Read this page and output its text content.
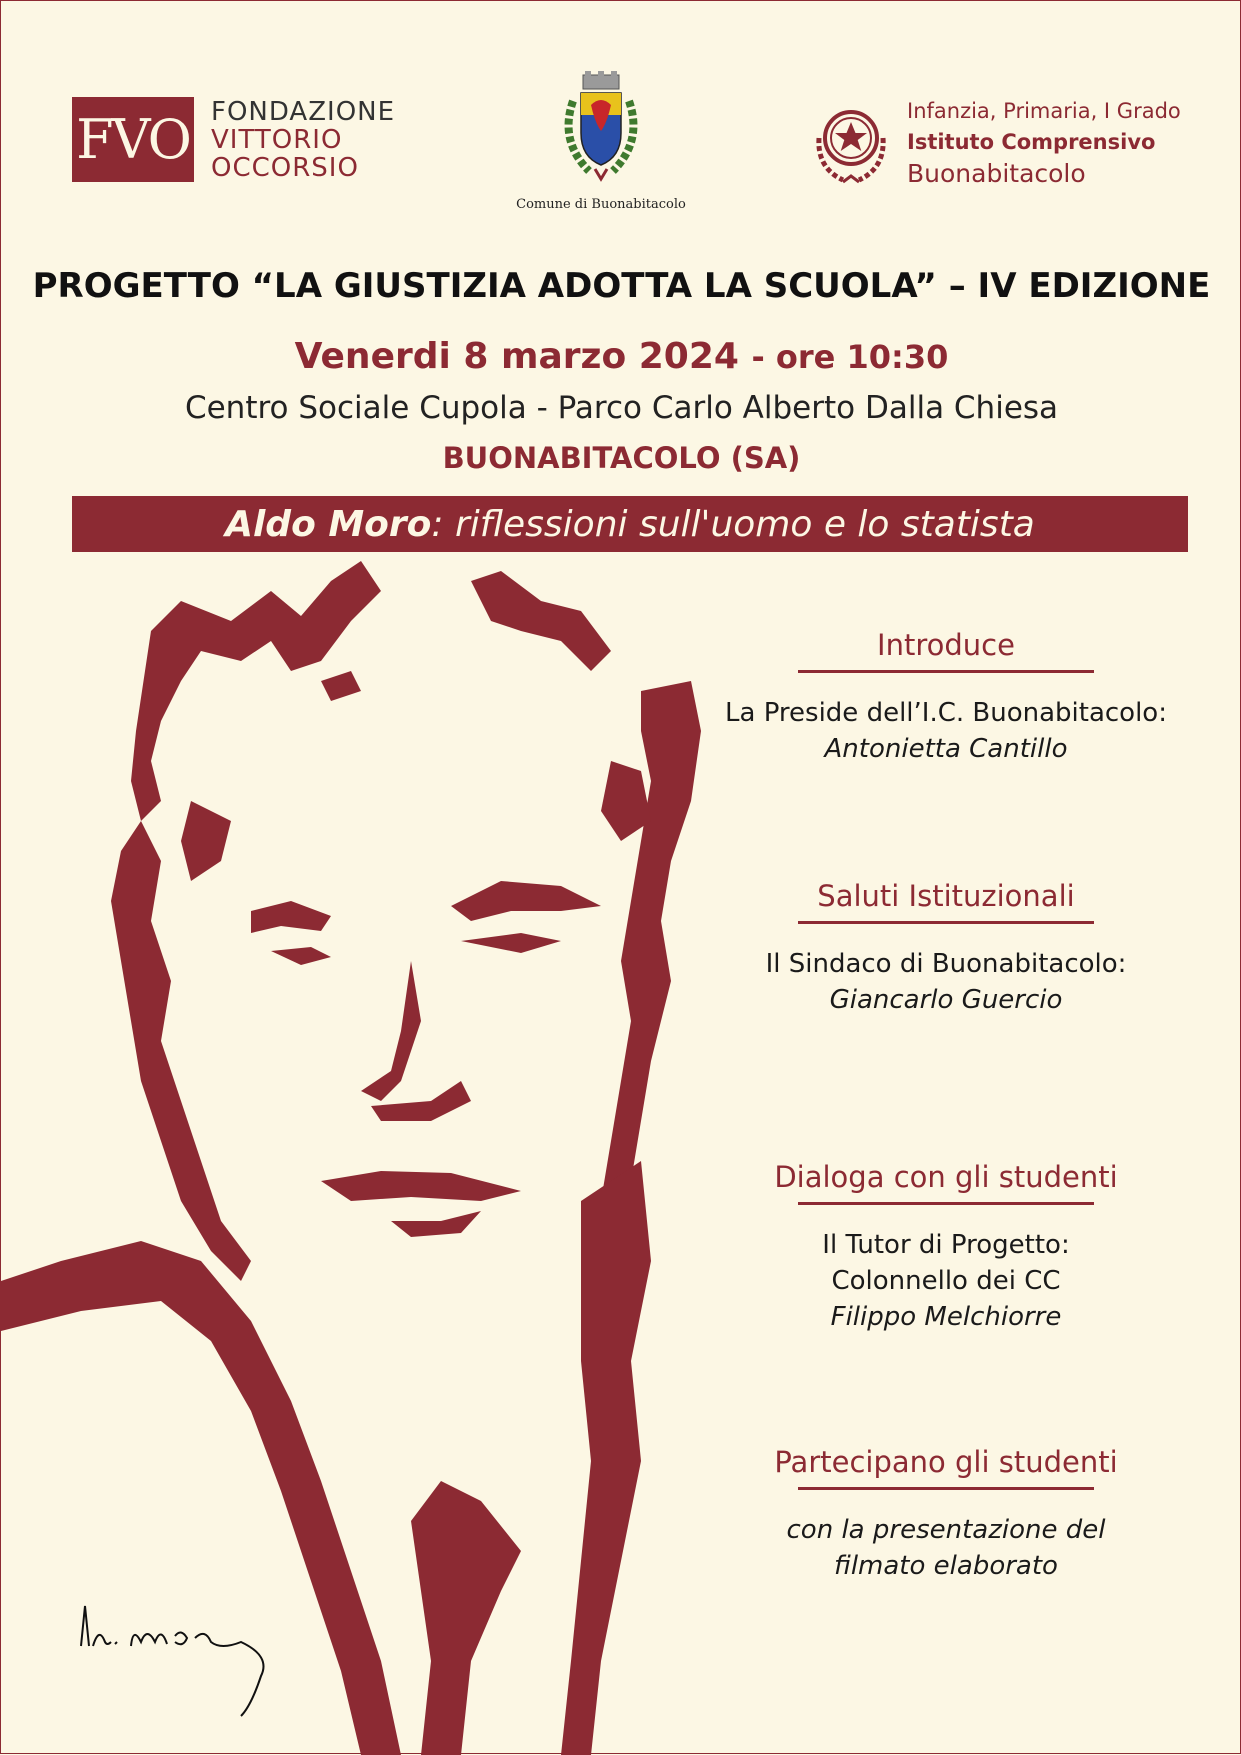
FVO FONDAZIONE
VITTORIO
OCCORSIO
Comune di Buonabitacolo
Infanzia, Primaria, I Grado
Istituto Comprensivo
Buonabitacolo
PROGETTO “LA GIUSTIZIA ADOTTA LA SCUOLA” – IV EDIZIONE
Venerdi 8 marzo 2024 - ore 10:30
Centro Sociale Cupola - Parco Carlo Alberto Dalla Chiesa
BUONABITACOLO (SA)
Aldo Moro : riflessioni sull'uomo e lo statista
Introduce
La Preside dell’I.C. Buonabitacolo:
Antonietta Cantillo
Saluti Istituzionali
Il Sindaco di Buonabitacolo:
Giancarlo Guercio
Dialoga con gli studenti
Il Tutor di Progetto:
Colonnello dei CC
Filippo Melchiorre
Partecipano gli studenti
con la presentazione del
filmato elaborato
